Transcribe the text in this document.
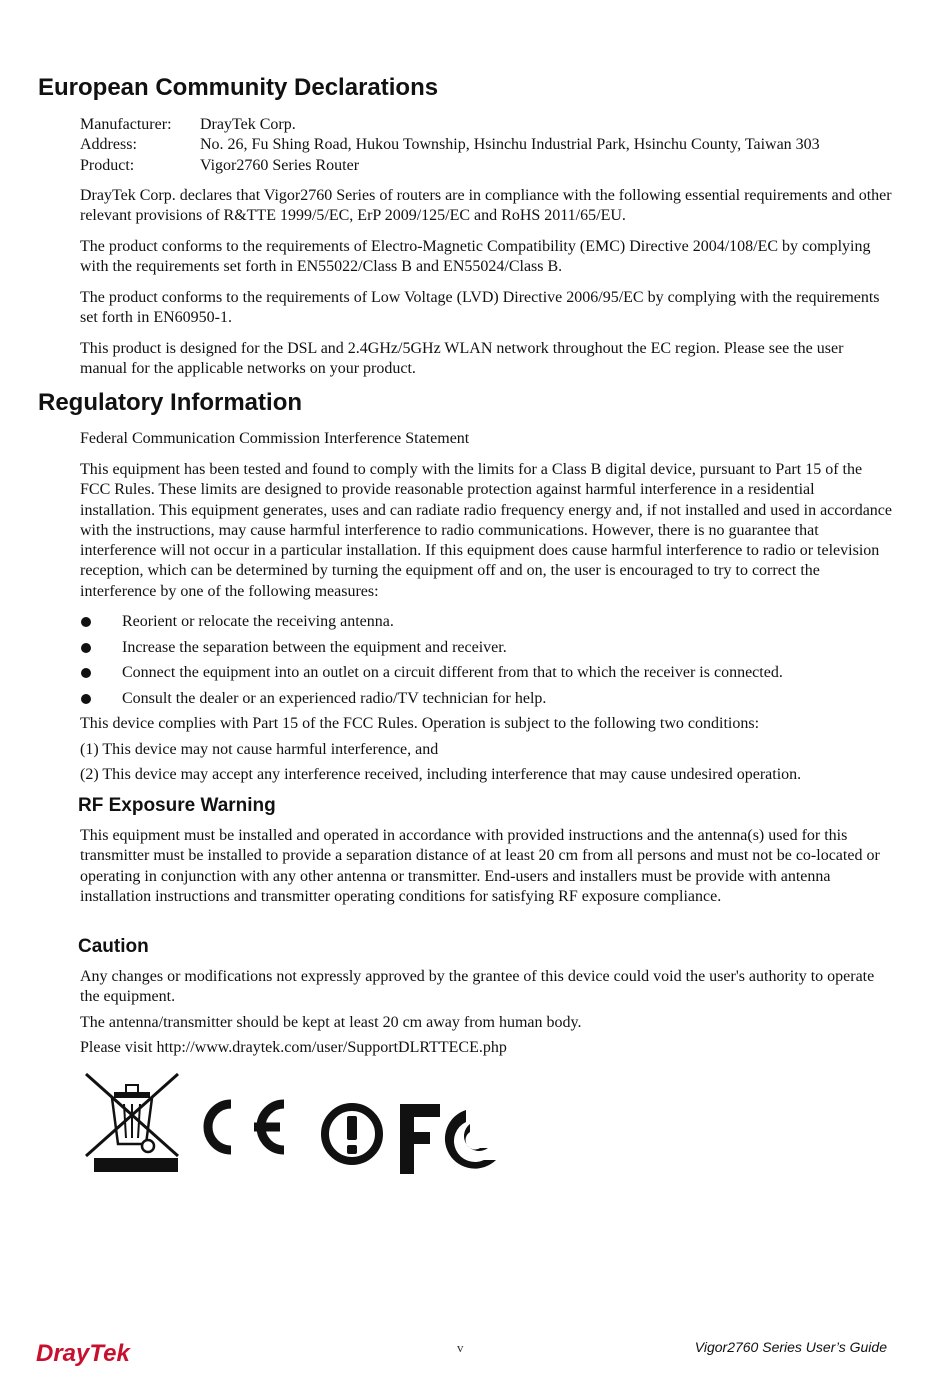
European Community Declarations
Manufacturer:	DrayTek Corp.
Address:	No. 26, Fu Shing Road, Hukou Township, Hsinchu Industrial Park, Hsinchu County, Taiwan 303
Product:	Vigor2760 Series Router

DrayTek Corp. declares that Vigor2760 Series of routers are in compliance with the following essential requirements and other relevant provisions of R&TTE 1999/5/EC, ErP 2009/125/EC and RoHS 2011/65/EU.

The product conforms to the requirements of Electro-Magnetic Compatibility (EMC) Directive 2004/108/EC by complying with the requirements set forth in EN55022/Class B and EN55024/Class B.

The product conforms to the requirements of Low Voltage (LVD) Directive 2006/95/EC by complying with the requirements set forth in EN60950-1.

This product is designed for the DSL and 2.4GHz/5GHz WLAN network throughout the EC region. Please see the user manual for the applicable networks on your product.

Regulatory Information
Federal Communication Commission Interference Statement

This equipment has been tested and found to comply with the limits for a Class B digital device, pursuant to Part 15 of the FCC Rules. These limits are designed to provide reasonable protection against harmful interference in a residential installation. This equipment generates, uses and can radiate radio frequency energy and, if not installed and used in accordance with the instructions, may cause harmful interference to radio communications. However, there is no guarantee that interference will not occur in a particular installation. If this equipment does cause harmful interference to radio or television reception, which can be determined by turning the equipment off and on, the user is encouraged to try to correct the interference by one of the following measures:

Reorient or relocate the receiving antenna.
Increase the separation between the equipment and receiver.
Connect the equipment into an outlet on a circuit different from that to which the receiver is connected.
Consult the dealer or an experienced radio/TV technician for help.
This device complies with Part 15 of the FCC Rules. Operation is subject to the following two conditions:
(1) This device may not cause harmful interference, and
(2) This device may accept any interference received, including interference that may cause undesired operation.
RF Exposure Warning

This equipment must be installed and operated in accordance with provided instructions and the antenna(s) used for this transmitter must be installed to provide a separation distance of at least 20 cm from all persons and must not be co-located or operating in conjunction with any other antenna or transmitter. End-users and installers must be provide with antenna installation instructions and transmitter operating conditions for satisfying RF exposure compliance.

Caution

Any changes or modifications not expressly approved by the grantee of this device could void the user's authority to operate the equipment.

The antenna/transmitter should be kept at least 20 cm away from human body.
Please visit http://www.draytek.com/user/SupportDLRTTECE.php
DrayTek	v	Vigor2760 Series User’s Guide
